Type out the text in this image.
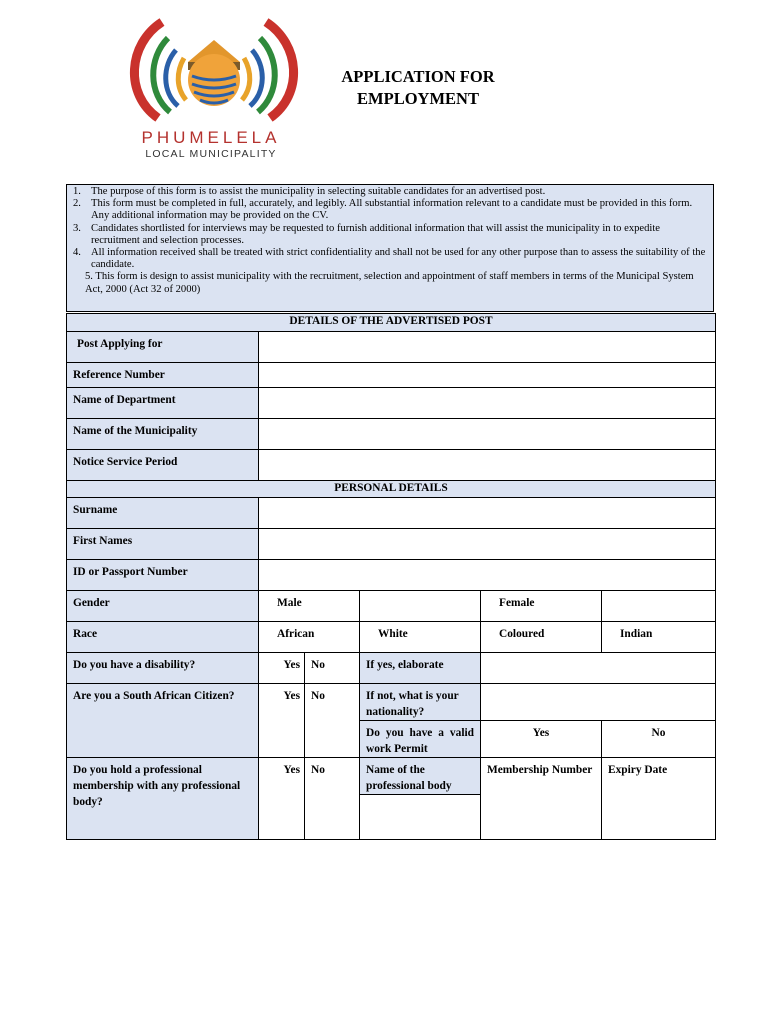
PHUMELELA
LOCAL MUNICIPALITY
APPLICATION FOR
EMPLOYMENT
1. The purpose of this form is to assist the municipality in selecting suitable candidates for an advertised post.
2. This form must be completed in full, accurately, and legibly. All substantial information relevant to a candidate must be provided in this form. Any additional information may be provided on the CV.
3. Candidates shortlisted for interviews may be requested to furnish additional information that will assist the municipality in to expedite recruitment and selection processes.
4. All information received shall be treated with strict confidentiality and shall not be used for any other purpose than to assess the suitability of the candidate.
5. This form is design to assist municipality with the recruitment, selection and appointment of staff members in terms of the Municipal System Act, 2000 (Act 32 of 2000)
DETAILS OF THE ADVERTISED POST					
Post Applying for					
Reference Number					
Name of Department					
Name of the Municipality					
Notice Service Period					
PERSONAL DETAILS					
Surname					
First Names					
ID or Passport Number					
Gender	Male			Female	
Race	African		White	Coloured	Indian
Do you have a disability?	Yes	No	If yes, elaborate		
Are you a South African Citizen?	Yes	No	If not, what is your nationality?		
			Do you have a valid work Permit	Yes	No
Do you hold a professional membership with any professional body?	Yes	No	Name of the professional body	Membership Number	Expiry Date
